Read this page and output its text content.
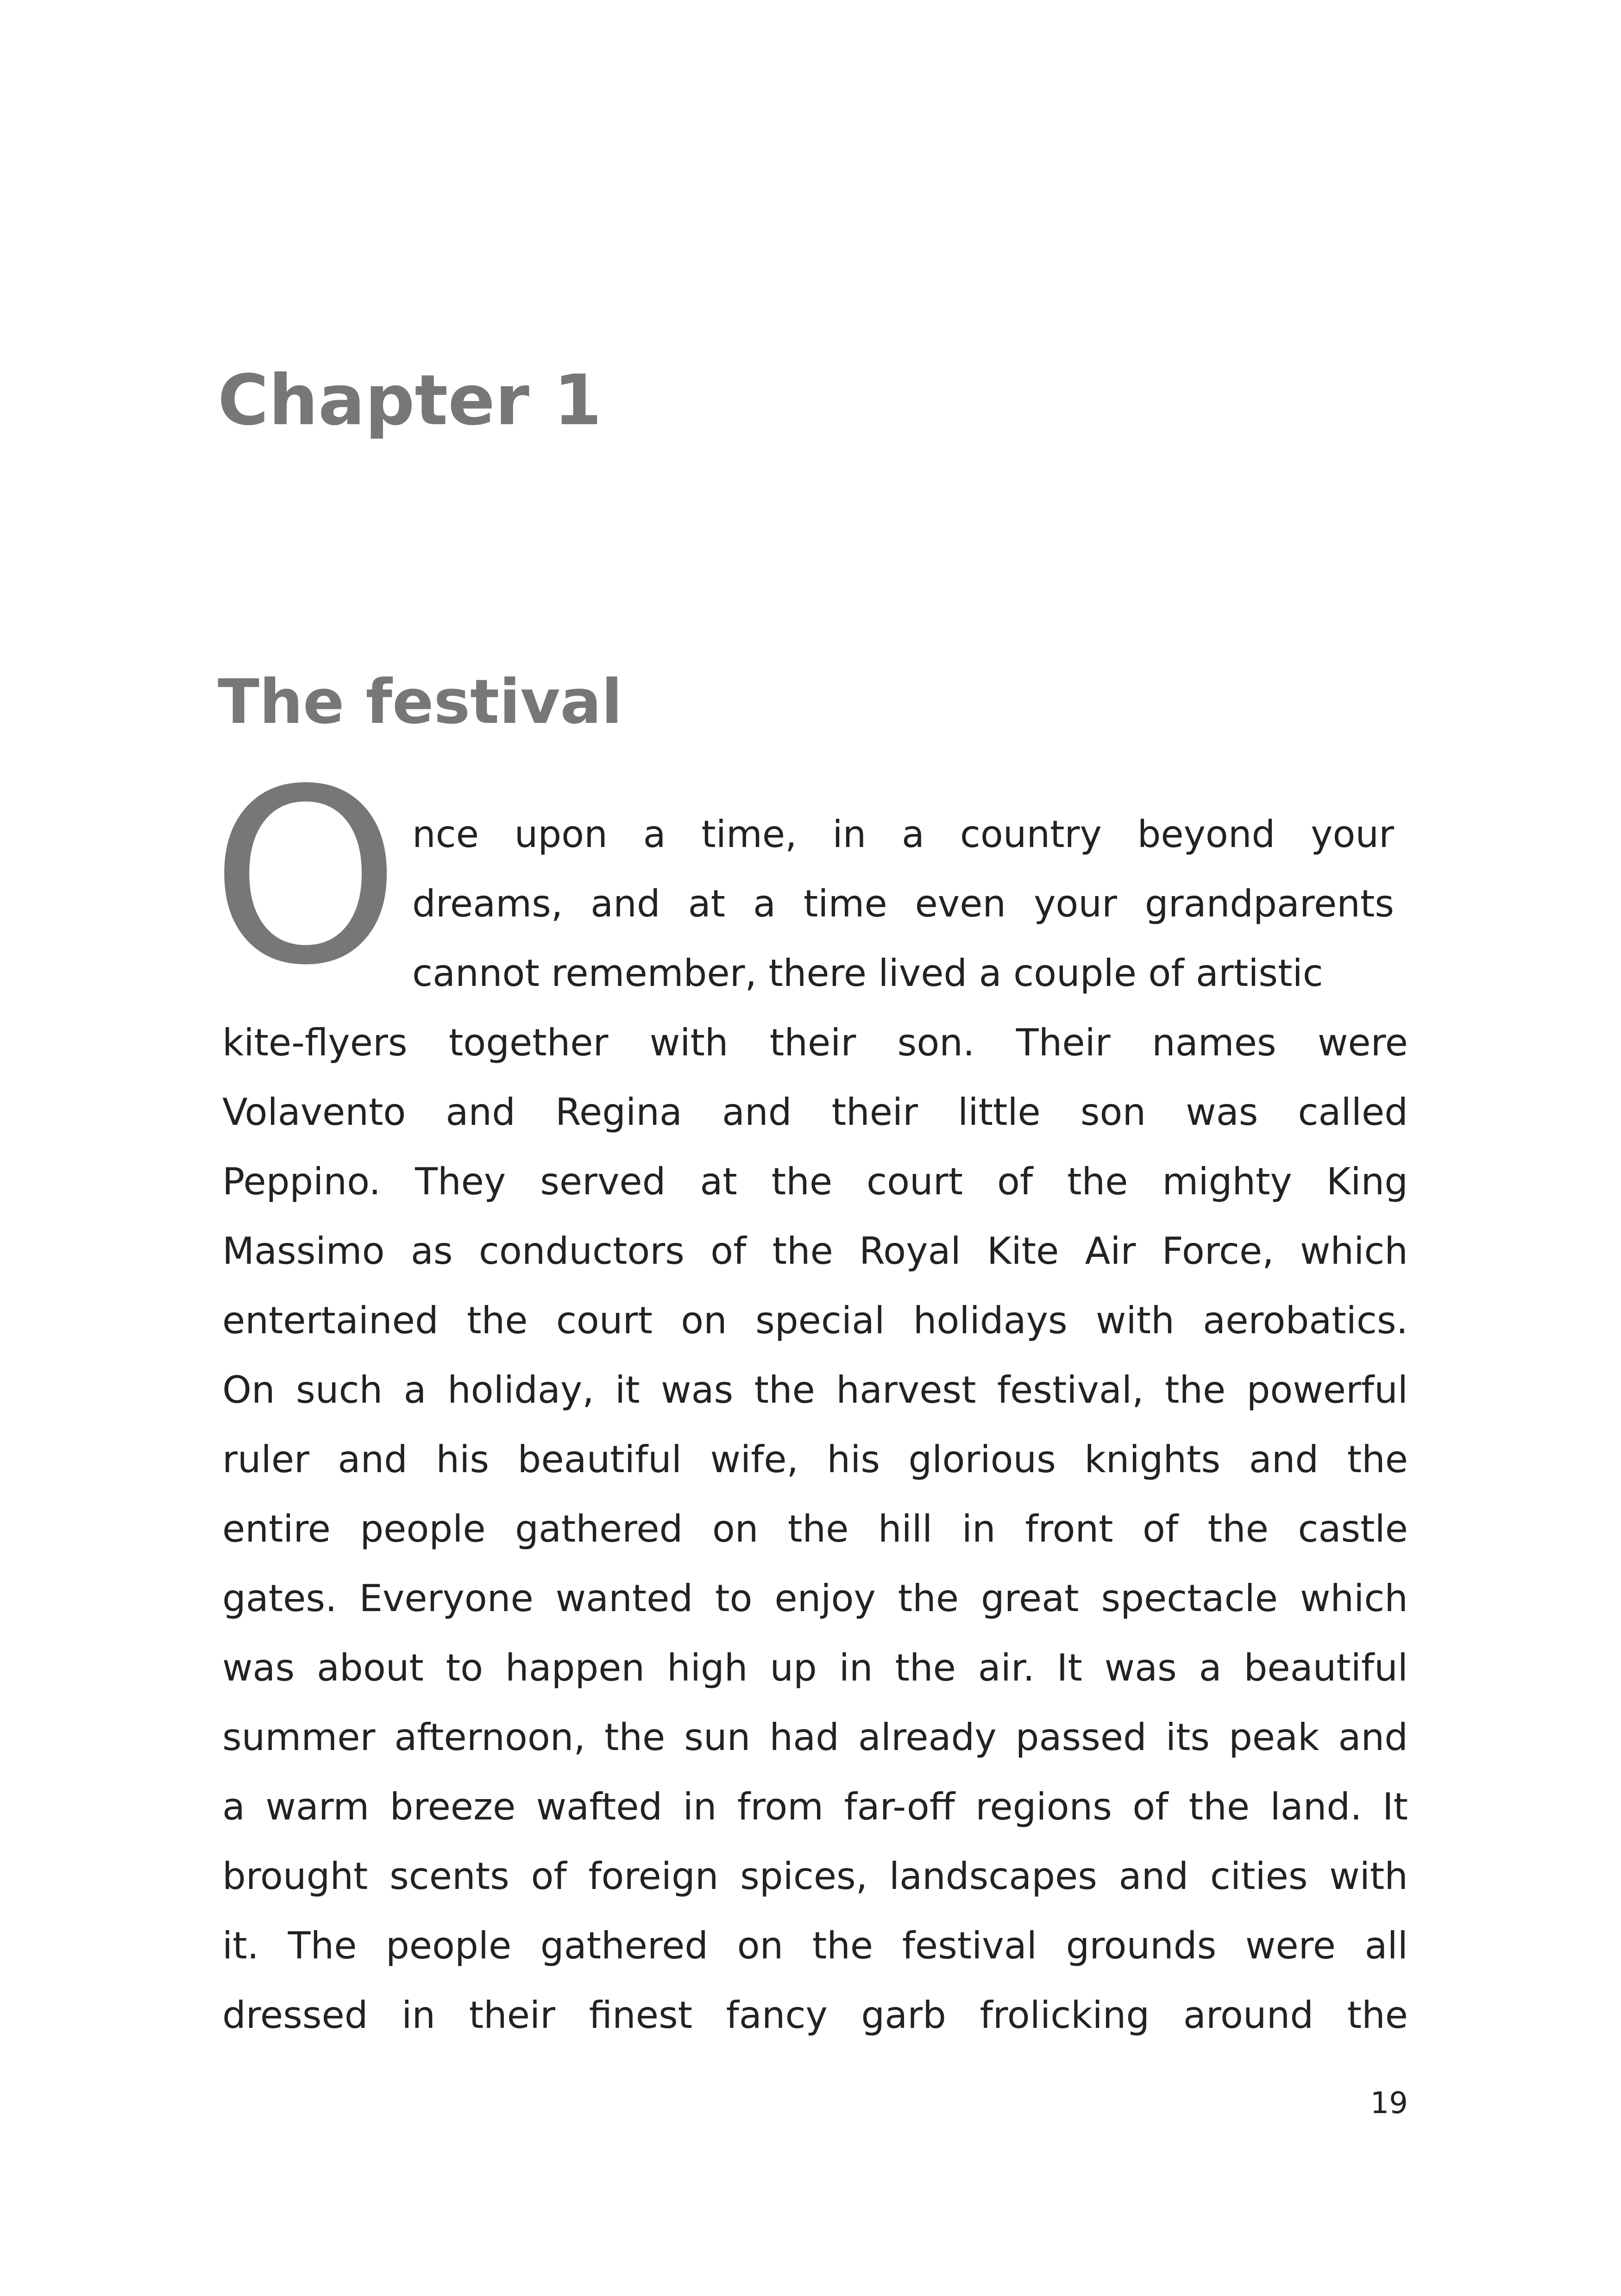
Chapter 1
The festival
O nce upon a time, in a country beyond your
dreams, and at a time even your grandparents
cannot remember, there lived a couple of artistic
kite-flyers together with their son. Their names were
Volavento and Regina and their little son was called
Peppino. They served at the court of the mighty King
Massimo as conductors of the Royal Kite Air Force, which
entertained the court on special holidays with aerobatics.
On such a holiday, it was the harvest festival, the powerful
ruler and his beautiful wife, his glorious knights and the
entire people gathered on the hill in front of the castle
gates. Everyone wanted to enjoy the great spectacle which
was about to happen high up in the air. It was a beautiful
summer afternoon, the sun had already passed its peak and
a warm breeze wafted in from far-off regions of the land. It
brought scents of foreign spices, landscapes and cities with
it. The people gathered on the festival grounds were all
dressed in their finest fancy garb frolicking around the
19
